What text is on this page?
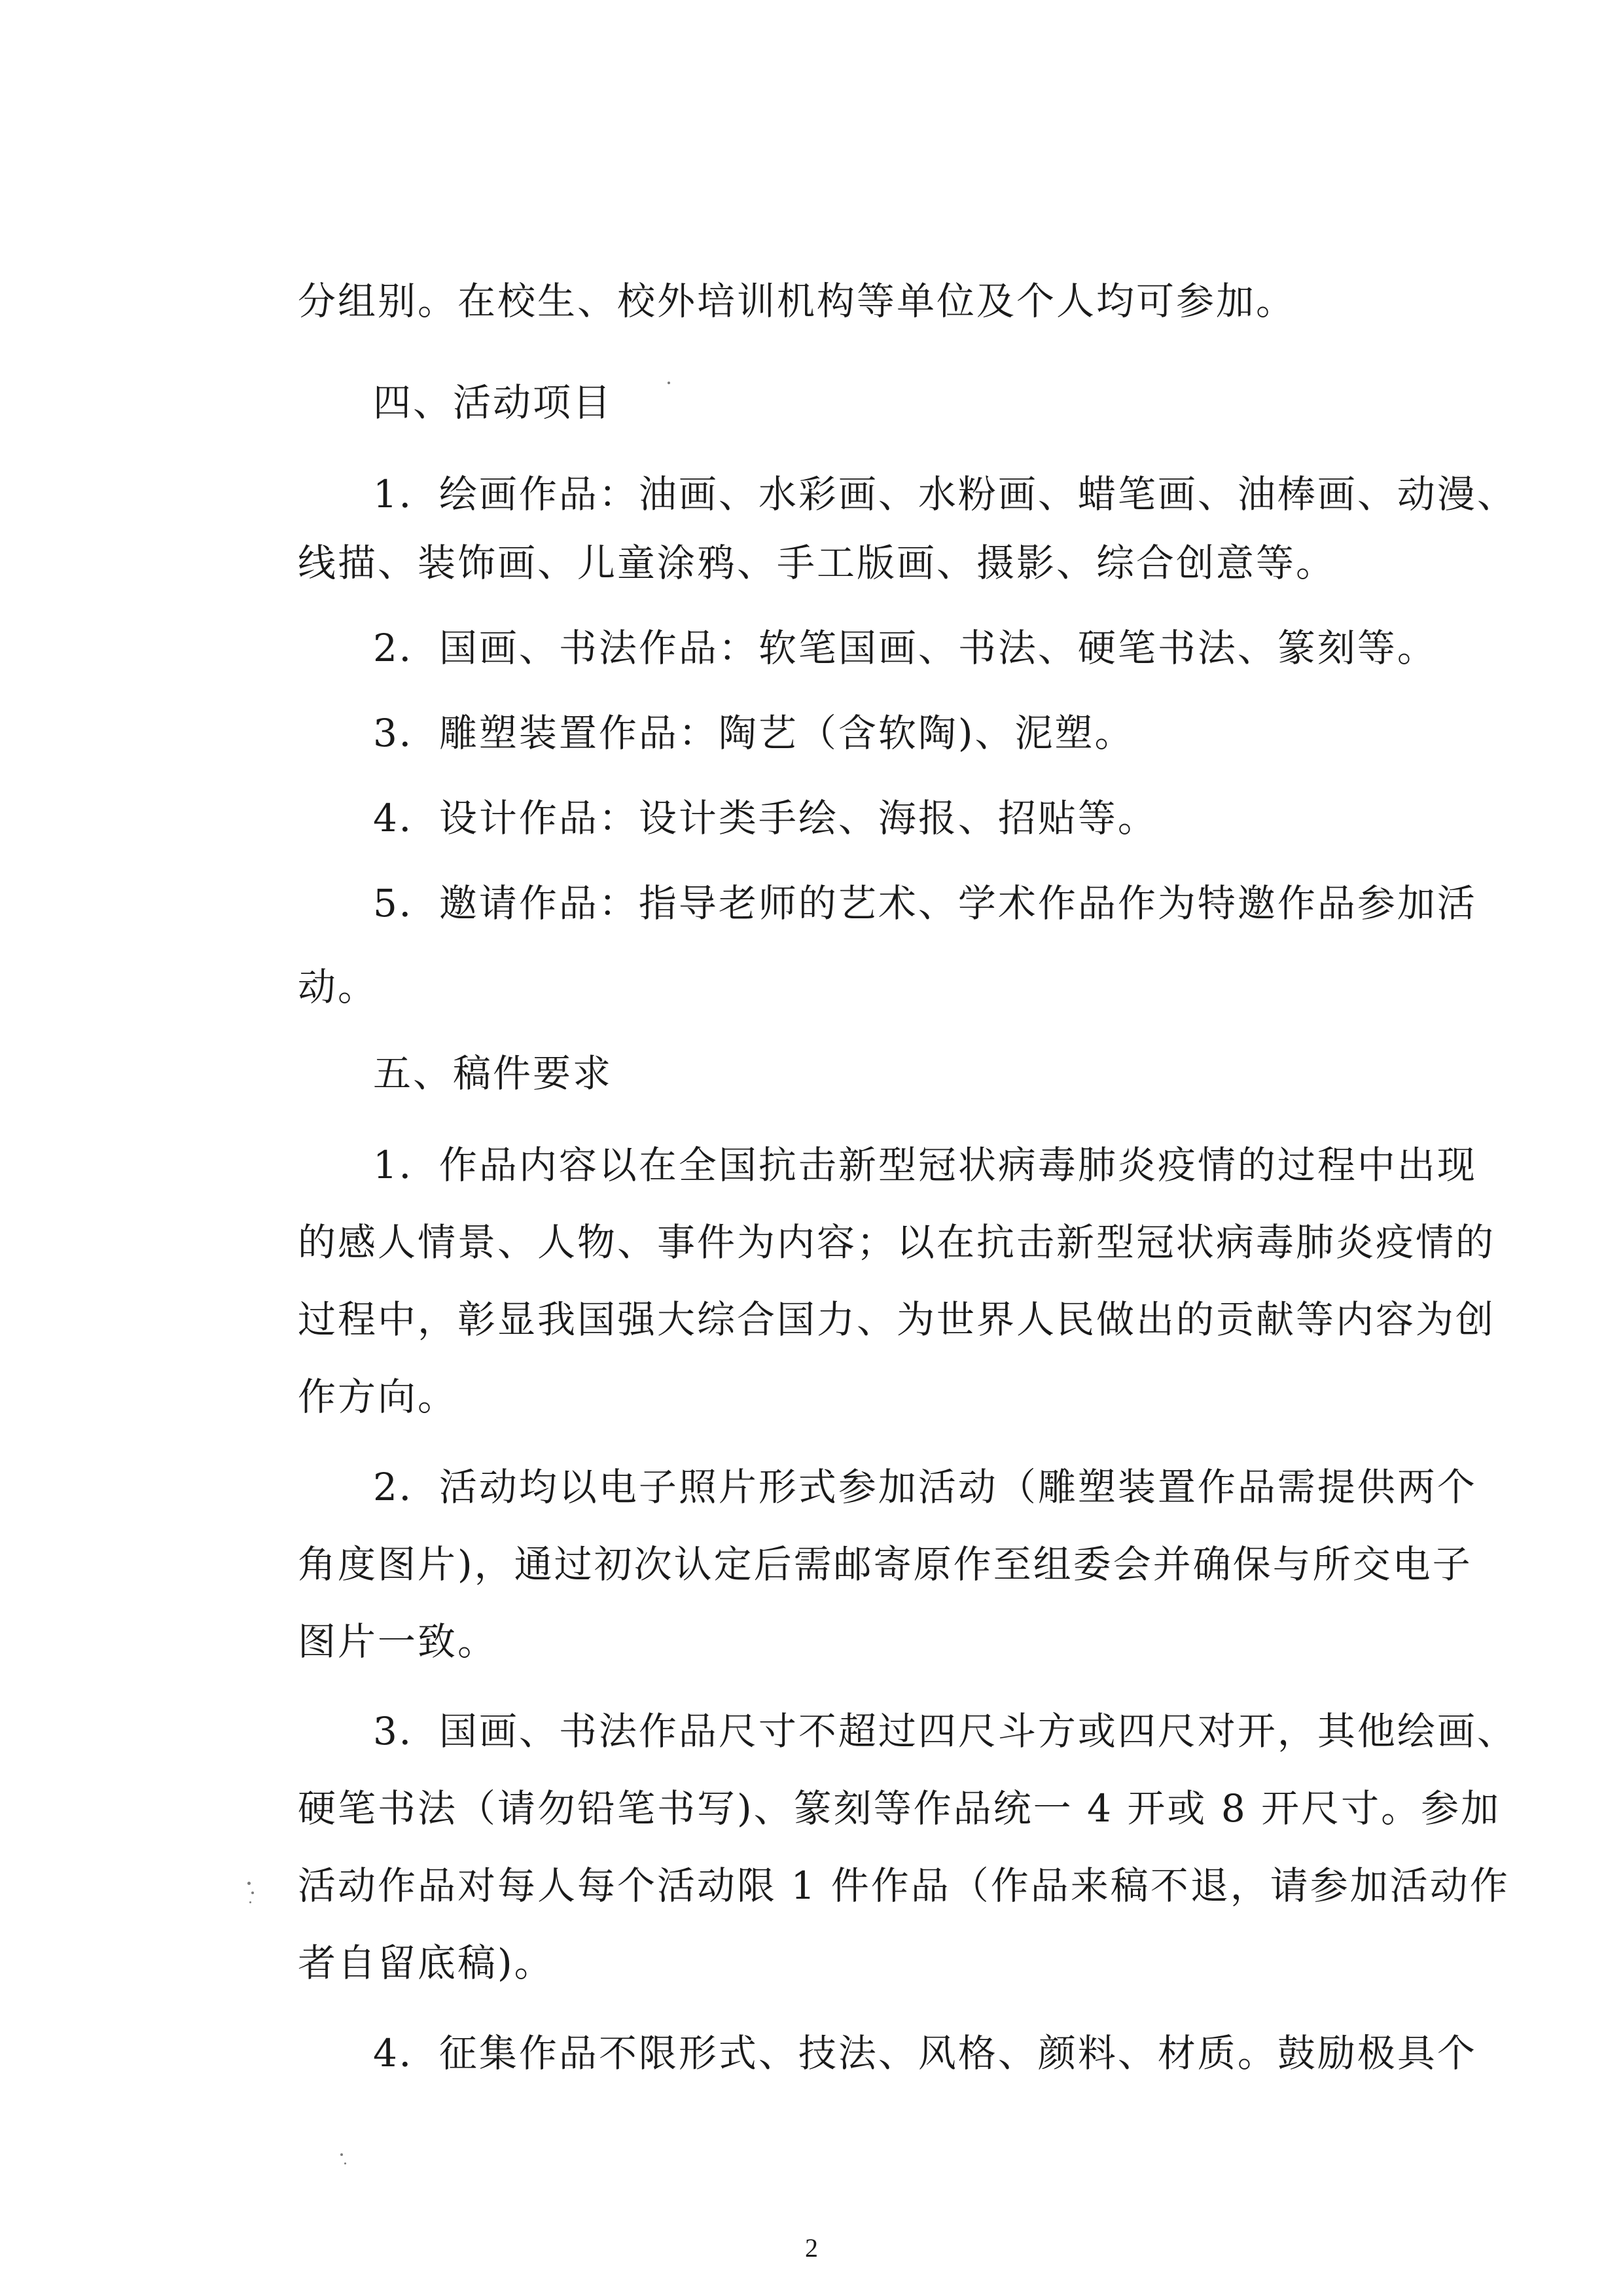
分组别。在校生、校外培训机构等单位及个人均可参加。
四、活动项目
1．绘画作品：油画、水彩画、水粉画、蜡笔画、油棒画、动漫、
线描、装饰画、儿童涂鸦、手工版画、摄影、综合创意等。
2．国画、书法作品：软笔国画、书法、硬笔书法、篆刻等。
3．雕塑装置作品：陶艺（含软陶)、泥塑。
4．设计作品：设计类手绘、海报、招贴等。
5．邀请作品：指导老师的艺术、学术作品作为特邀作品参加活
动。
五、稿件要求
1．作品内容以在全国抗击新型冠状病毒肺炎疫情的过程中出现
的感人情景、人物、事件为内容；以在抗击新型冠状病毒肺炎疫情的
过程中，彰显我国强大综合国力、为世界人民做出的贡献等内容为创
作方向。
2．活动均以电子照片形式参加活动（雕塑装置作品需提供两个
角度图片)，通过初次认定后需邮寄原作至组委会并确保与所交电子
图片一致。
3．国画、书法作品尺寸不超过四尺斗方或四尺对开，其他绘画、
硬笔书法（请勿铅笔书写)、篆刻等作品统一 4 开或 8 开尺寸。参加
活动作品对每人每个活动限 1 件作品（作品来稿不退，请参加活动作
者自留底稿)。
4．征集作品不限形式、技法、风格、颜料、材质。鼓励极具个
2
